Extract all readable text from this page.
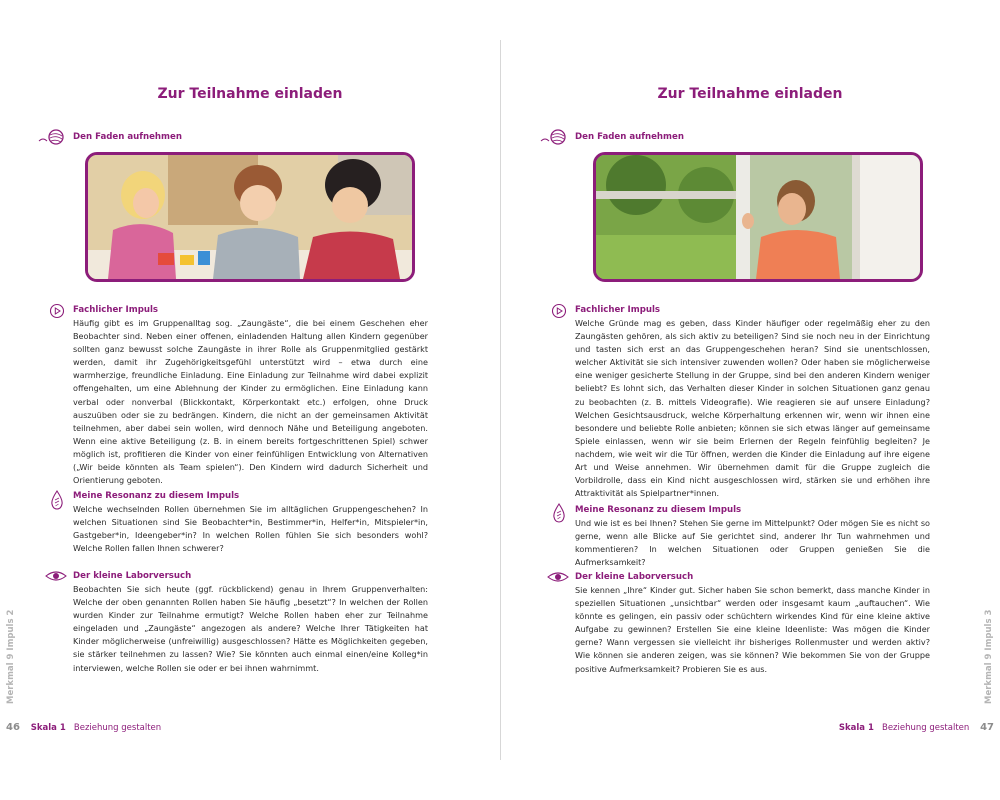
Zur Teilnahme einladen
Den Faden aufnehmen
Fachlicher Impuls
Häufig gibt es im Gruppenalltag sog. „Zaungäste“, die bei einem Geschehen eher Beobachter sind. Neben einer offenen, einladenden Haltung allen Kindern gegenüber sollten ganz bewusst solche Zaungäste in ihrer Rolle als Gruppenmitglied gestärkt werden, damit ihr Zugehörigkeitsgefühl unterstützt wird – etwa durch eine warmherzige, freundliche Einladung. Eine Einladung zur Teilnahme wird dabei explizit offengehalten, um eine Ablehnung der Kinder zu ermöglichen. Eine Einladung kann verbal oder nonverbal (Blickkontakt, Körperkontakt etc.) erfolgen, ohne Druck auszuüben oder sie zu bedrängen. Kindern, die nicht an der gemeinsamen Aktivität teilnehmen, aber dabei sein wollen, wird dennoch Nähe und Beteiligung angeboten. Wenn eine aktive Beteiligung (z. B. in einem bereits fortgeschrittenen Spiel) schwer möglich ist, profitieren die Kinder von einer feinfühligen Entwicklung von Alternativen („Wir beide könnten als Team spielen“). Den Kindern wird dadurch Sicherheit und Orientierung geboten.
Meine Resonanz zu diesem Impuls
Welche wechselnden Rollen übernehmen Sie im alltäglichen Gruppengeschehen? In welchen Situationen sind Sie Beobachter*in, Bestimmer*in, Helfer*in, Mitspieler*in, Gastgeber*in, Ideengeber*in? In welchen Rollen fühlen Sie sich besonders wohl? Welche Rollen fallen Ihnen schwerer?
Der kleine Laborversuch
Beobachten Sie sich heute (ggf. rückblickend) genau in Ihrem Gruppenverhalten: Welche der oben genannten Rollen haben Sie häufig „besetzt“? In welchen der Rollen wurden Kinder zur Teilnahme ermutigt? Welche Rollen haben eher zur Teilnahme eingeladen und „Zaungäste“ angezogen als andere? Welche Ihrer Tätigkeiten hat Kinder möglicherweise (unfreiwillig) ausgeschlossen? Hätte es Möglichkeiten gegeben, sie stärker teilnehmen zu lassen? Wie? Sie könnten auch einmal einen/eine Kolleg*in interviewen, welche Rollen sie oder er bei ihnen wahrnimmt.
Merkmal 9 Impuls 2
46 Skala 1 Beziehung gestalten
Zur Teilnahme einladen
Den Faden aufnehmen
Fachlicher Impuls
Welche Gründe mag es geben, dass Kinder häufiger oder regelmäßig eher zu den Zaungästen gehören, als sich aktiv zu beteiligen? Sind sie noch neu in der Einrichtung und tasten sich erst an das Gruppengeschehen heran? Sind sie unentschlossen, welcher Aktivität sie sich intensiver zuwenden wollen? Oder haben sie möglicherweise eine weniger gesicherte Stellung in der Gruppe, sind bei den anderen Kindern weniger beliebt? Es lohnt sich, das Verhalten dieser Kinder in solchen Situationen ganz genau zu beobachten (z. B. mittels Videografie). Wie reagieren sie auf unsere Einladung? Welchen Gesichtsausdruck, welche Körperhaltung erkennen wir, wenn wir ihnen eine besondere und beliebte Rolle anbieten; können sie sich etwas länger auf gemeinsame Spiele einlassen, wenn wir sie beim Erlernen der Regeln feinfühlig begleiten? Je nachdem, wie weit wir die Tür öffnen, werden die Kinder die Einladung auf ihre eigene Art und Weise annehmen. Wir übernehmen damit für die Gruppe zugleich die Vorbildrolle, dass ein Kind nicht ausgeschlossen wird, stärken sie und erhöhen ihre Attraktivität als Spielpartner*innen.
Meine Resonanz zu diesem Impuls
Und wie ist es bei Ihnen? Stehen Sie gerne im Mittelpunkt? Oder mögen Sie es nicht so gerne, wenn alle Blicke auf Sie gerichtet sind, anderer Ihr Tun wahrnehmen und kommentieren? In welchen Situationen oder Gruppen genießen Sie die Aufmerksamkeit?
Der kleine Laborversuch
Sie kennen „Ihre“ Kinder gut. Sicher haben Sie schon bemerkt, dass manche Kinder in speziellen Situationen „unsichtbar“ werden oder insgesamt kaum „auftauchen“. Wie könnte es gelingen, ein passiv oder schüchtern wirkendes Kind für eine kleine aktive Aufgabe zu gewinnen? Erstellen Sie eine kleine Ideenliste: Was mögen die Kinder gerne? Wann vergessen sie vielleicht ihr bisheriges Rollenmuster und werden aktiv? Wie können sie anderen zeigen, was sie können? Wie bekommen Sie von der Gruppe positive Aufmerksamkeit? Probieren Sie es aus.	Merkmal 9 Impuls 3
Skala 1 Beziehung gestalten 47
